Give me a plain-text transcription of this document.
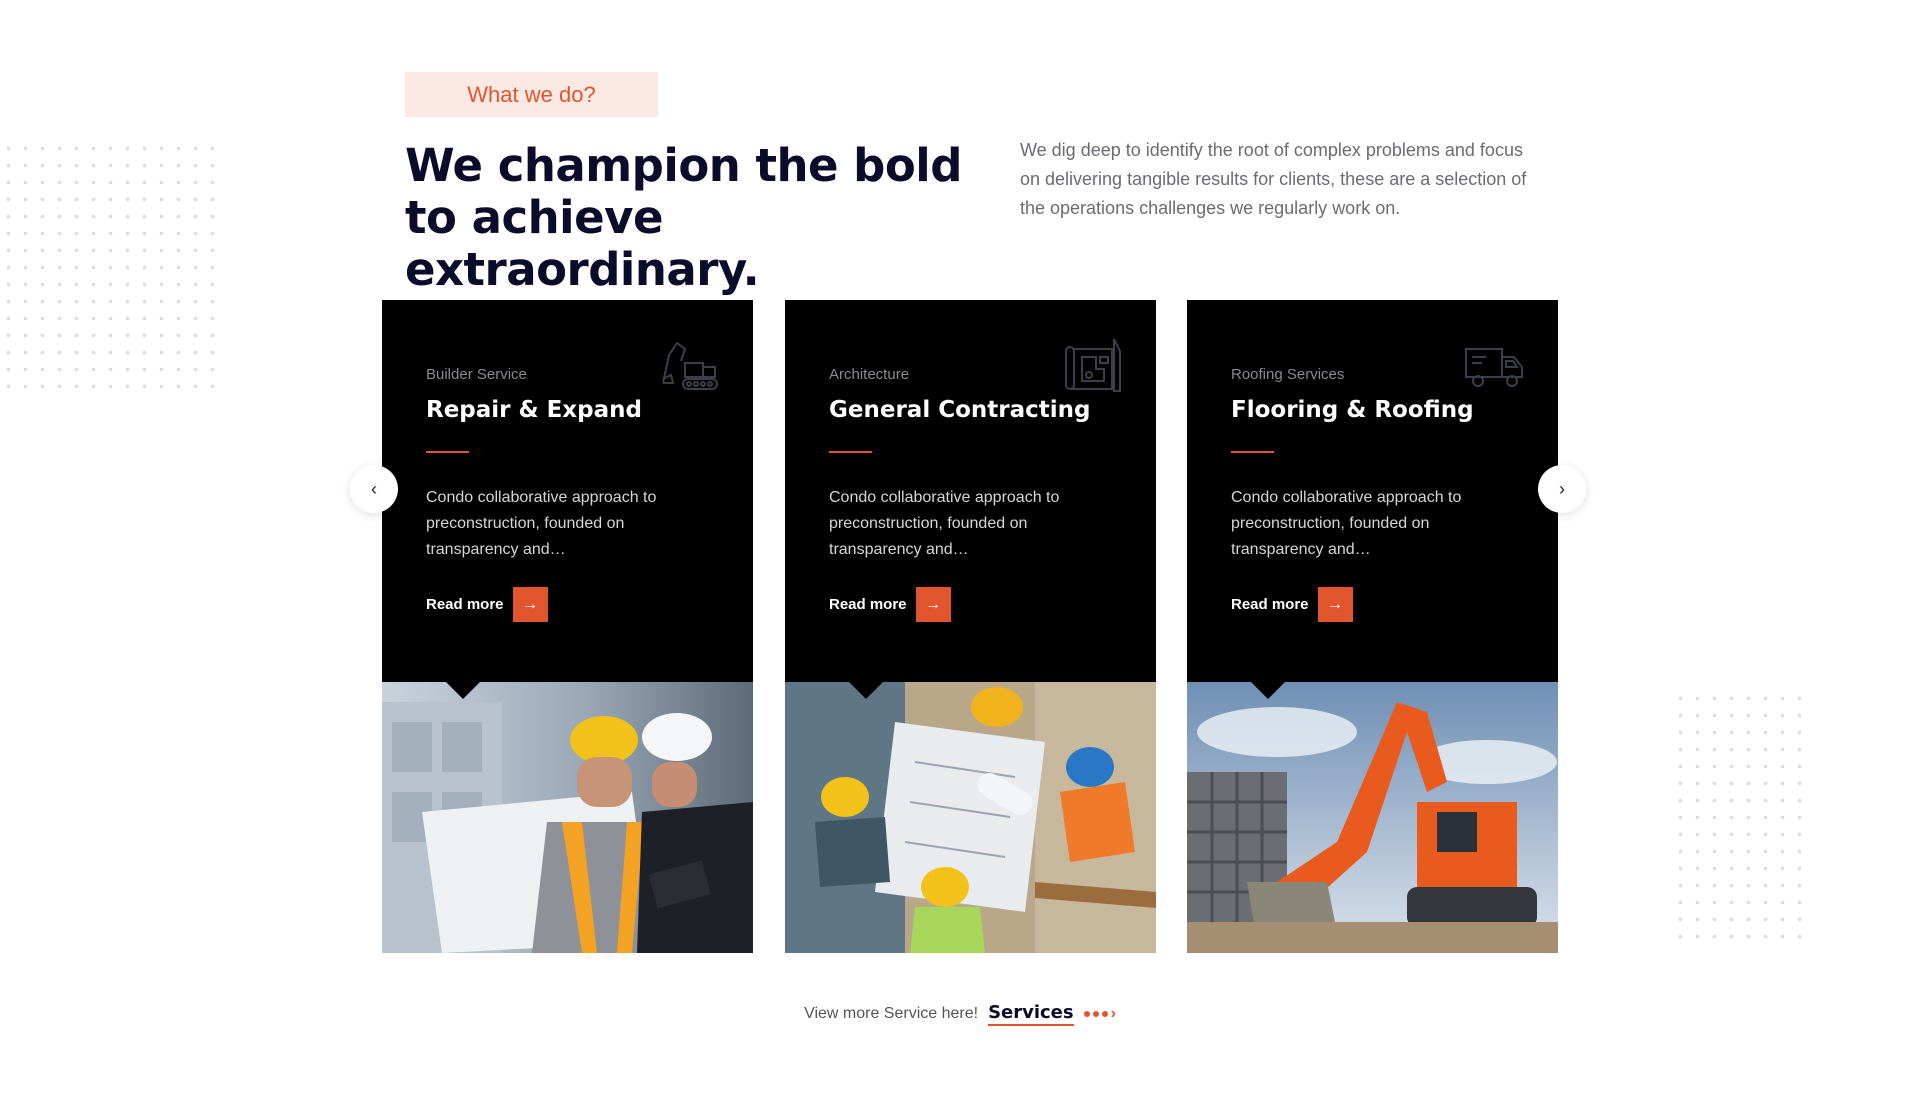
What we do?
We champion the bold to achieve extraordinary.

We dig deep to identify the root of complex problems and focus on delivering tangible results for clients, these are a selection of the operations challenges we regularly work on.

Builder Service
Repair & Expand
Condo collaborative approach to preconstruction, founded on transparency and…
Read more	→
Architecture
General Contracting
Condo collaborative approach to preconstruction, founded on transparency and…
Read more	→
Roofing Services
Flooring & Roofing
Condo collaborative approach to preconstruction, founded on transparency and…
Read more	→
‹	›
View more Service here! Services ›
